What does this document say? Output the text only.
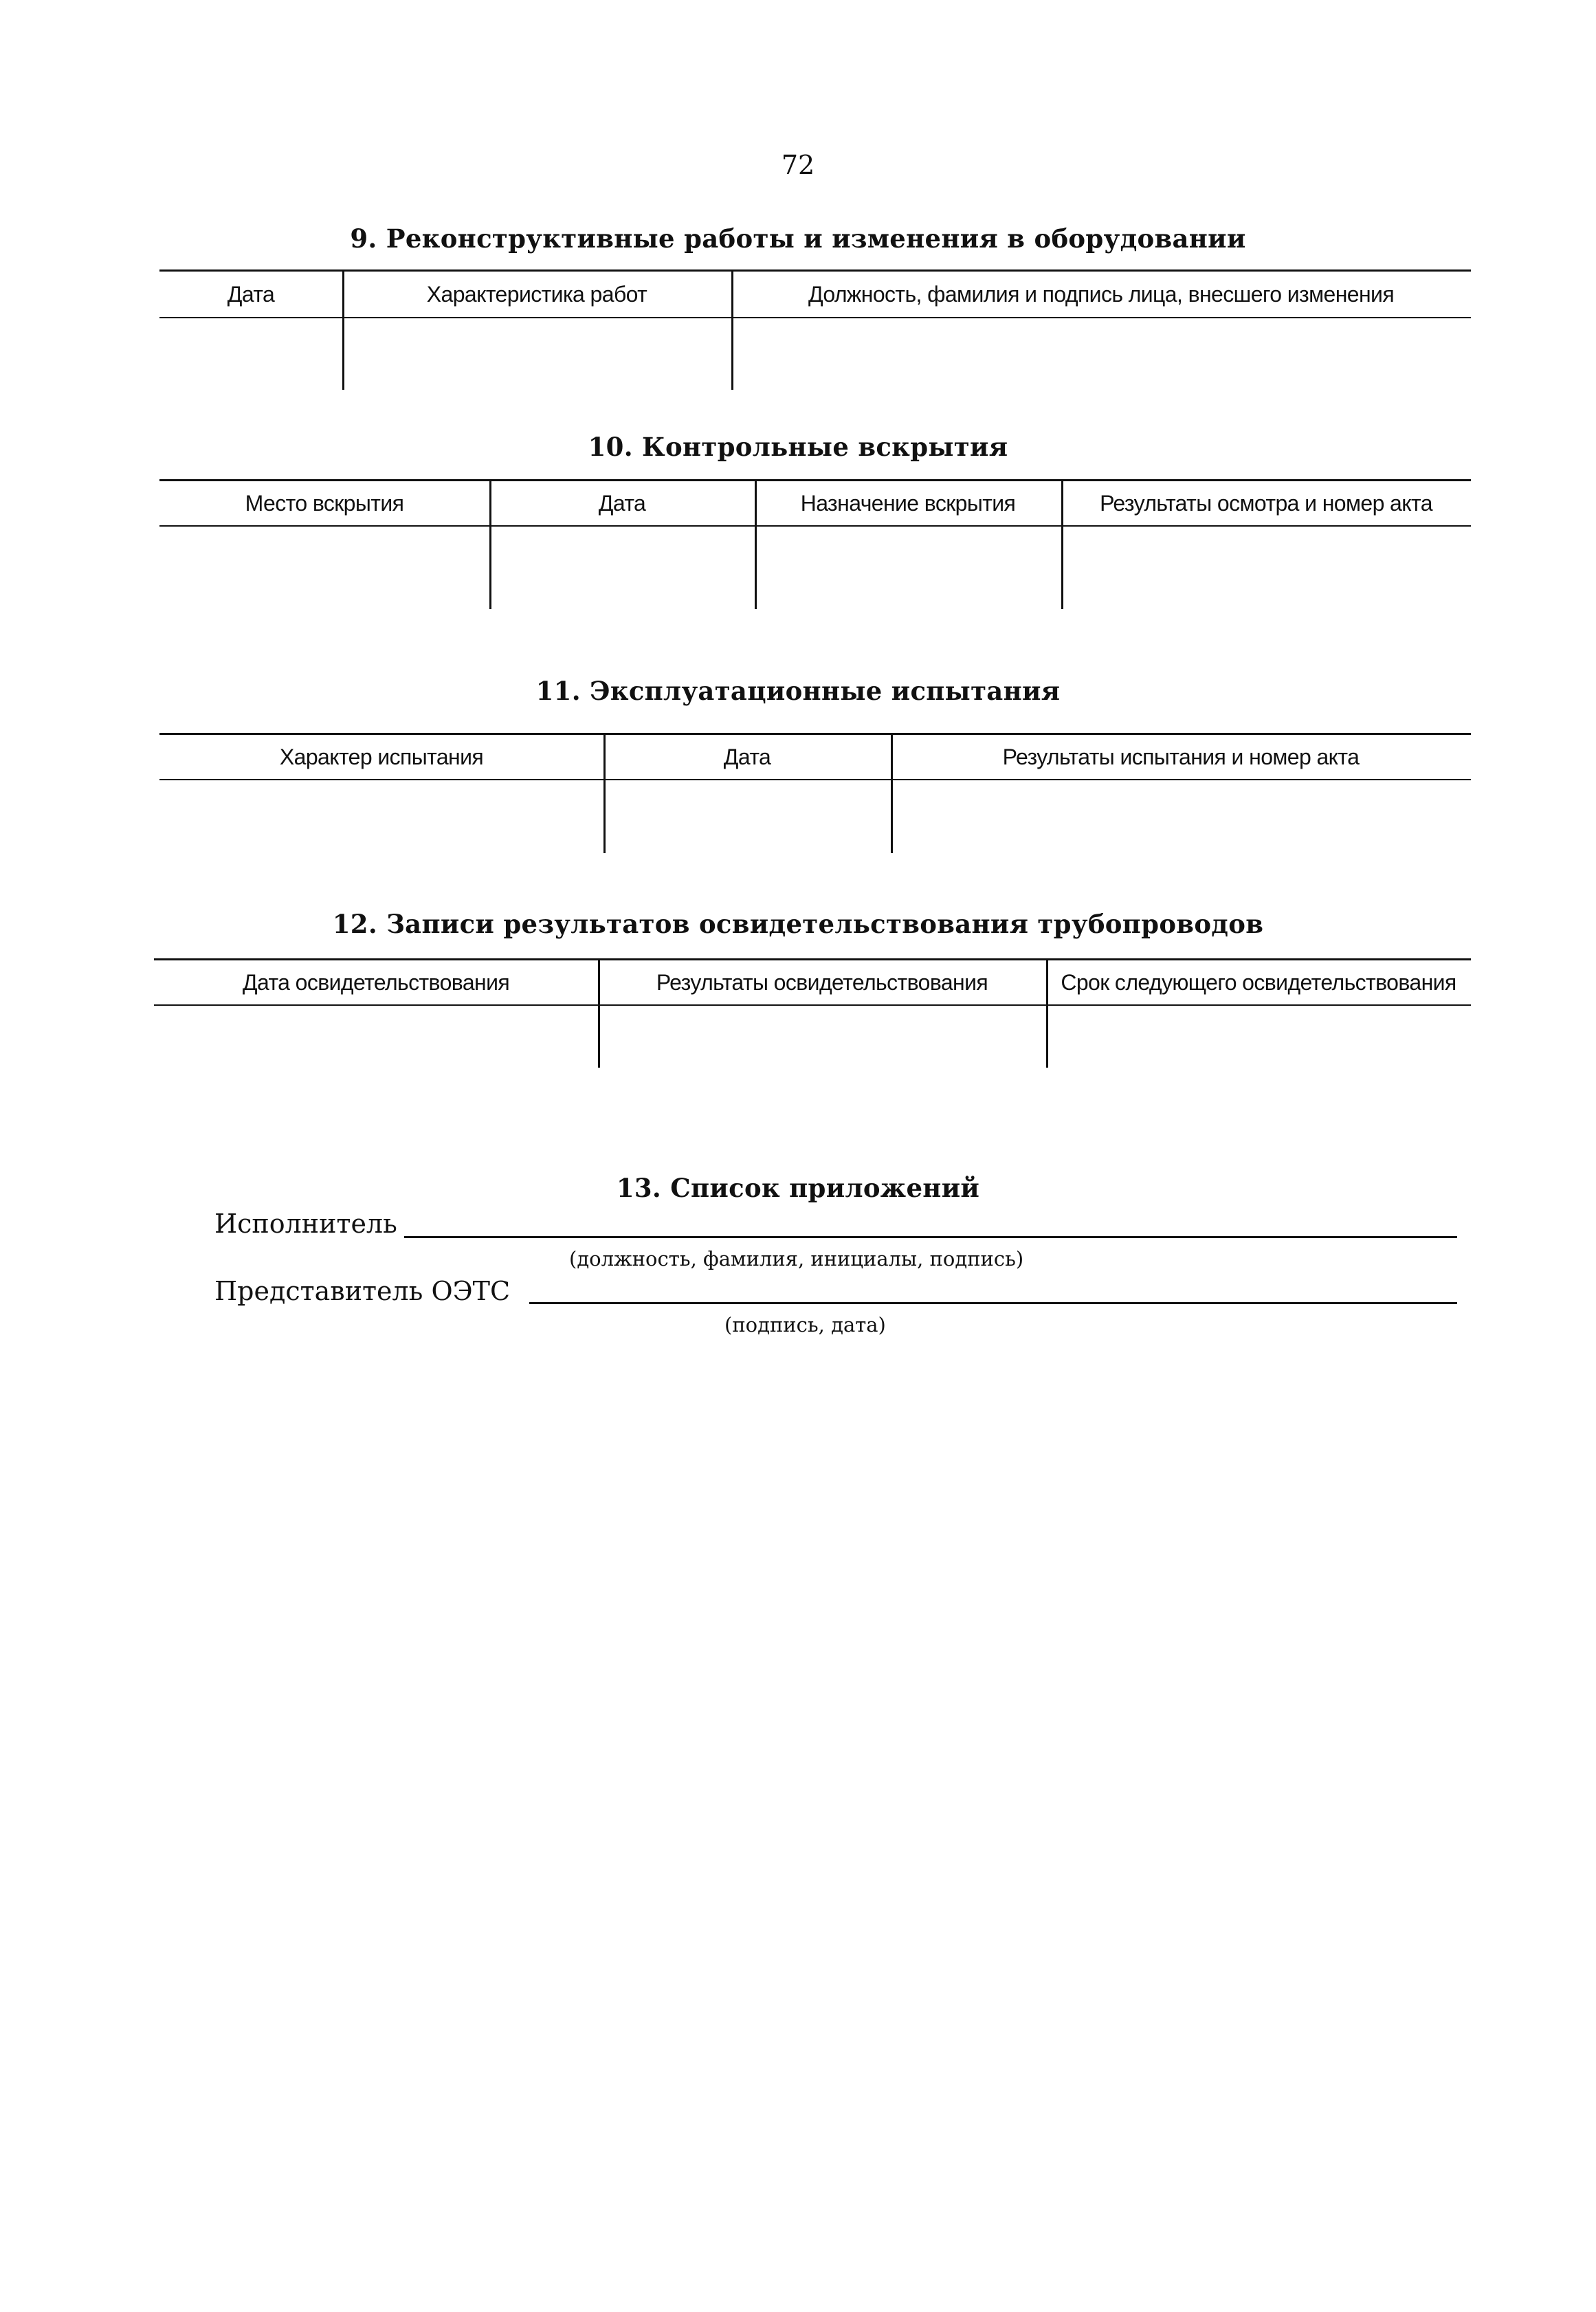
72
9. Реконструктивные работы и изменения в оборудовании
Дата	Характеристика работ	Должность, фамилия и подпись лица, внесшего изменения
10. Контрольные вскрытия
Место вскрытия	Дата	Назначение вскрытия	Результаты осмотра и номер акта
11. Эксплуатационные испытания
Характер испытания	Дата	Результаты испытания и номер акта
12. Записи результатов освидетельствования трубопроводов
Дата освидетельствования	Результаты освидетельствования	Срок следующего освидетельствования
13. Список приложений
Исполнитель
(должность, фамилия, инициалы, подпись)
Представитель ОЭТС
(подпись, дата)
